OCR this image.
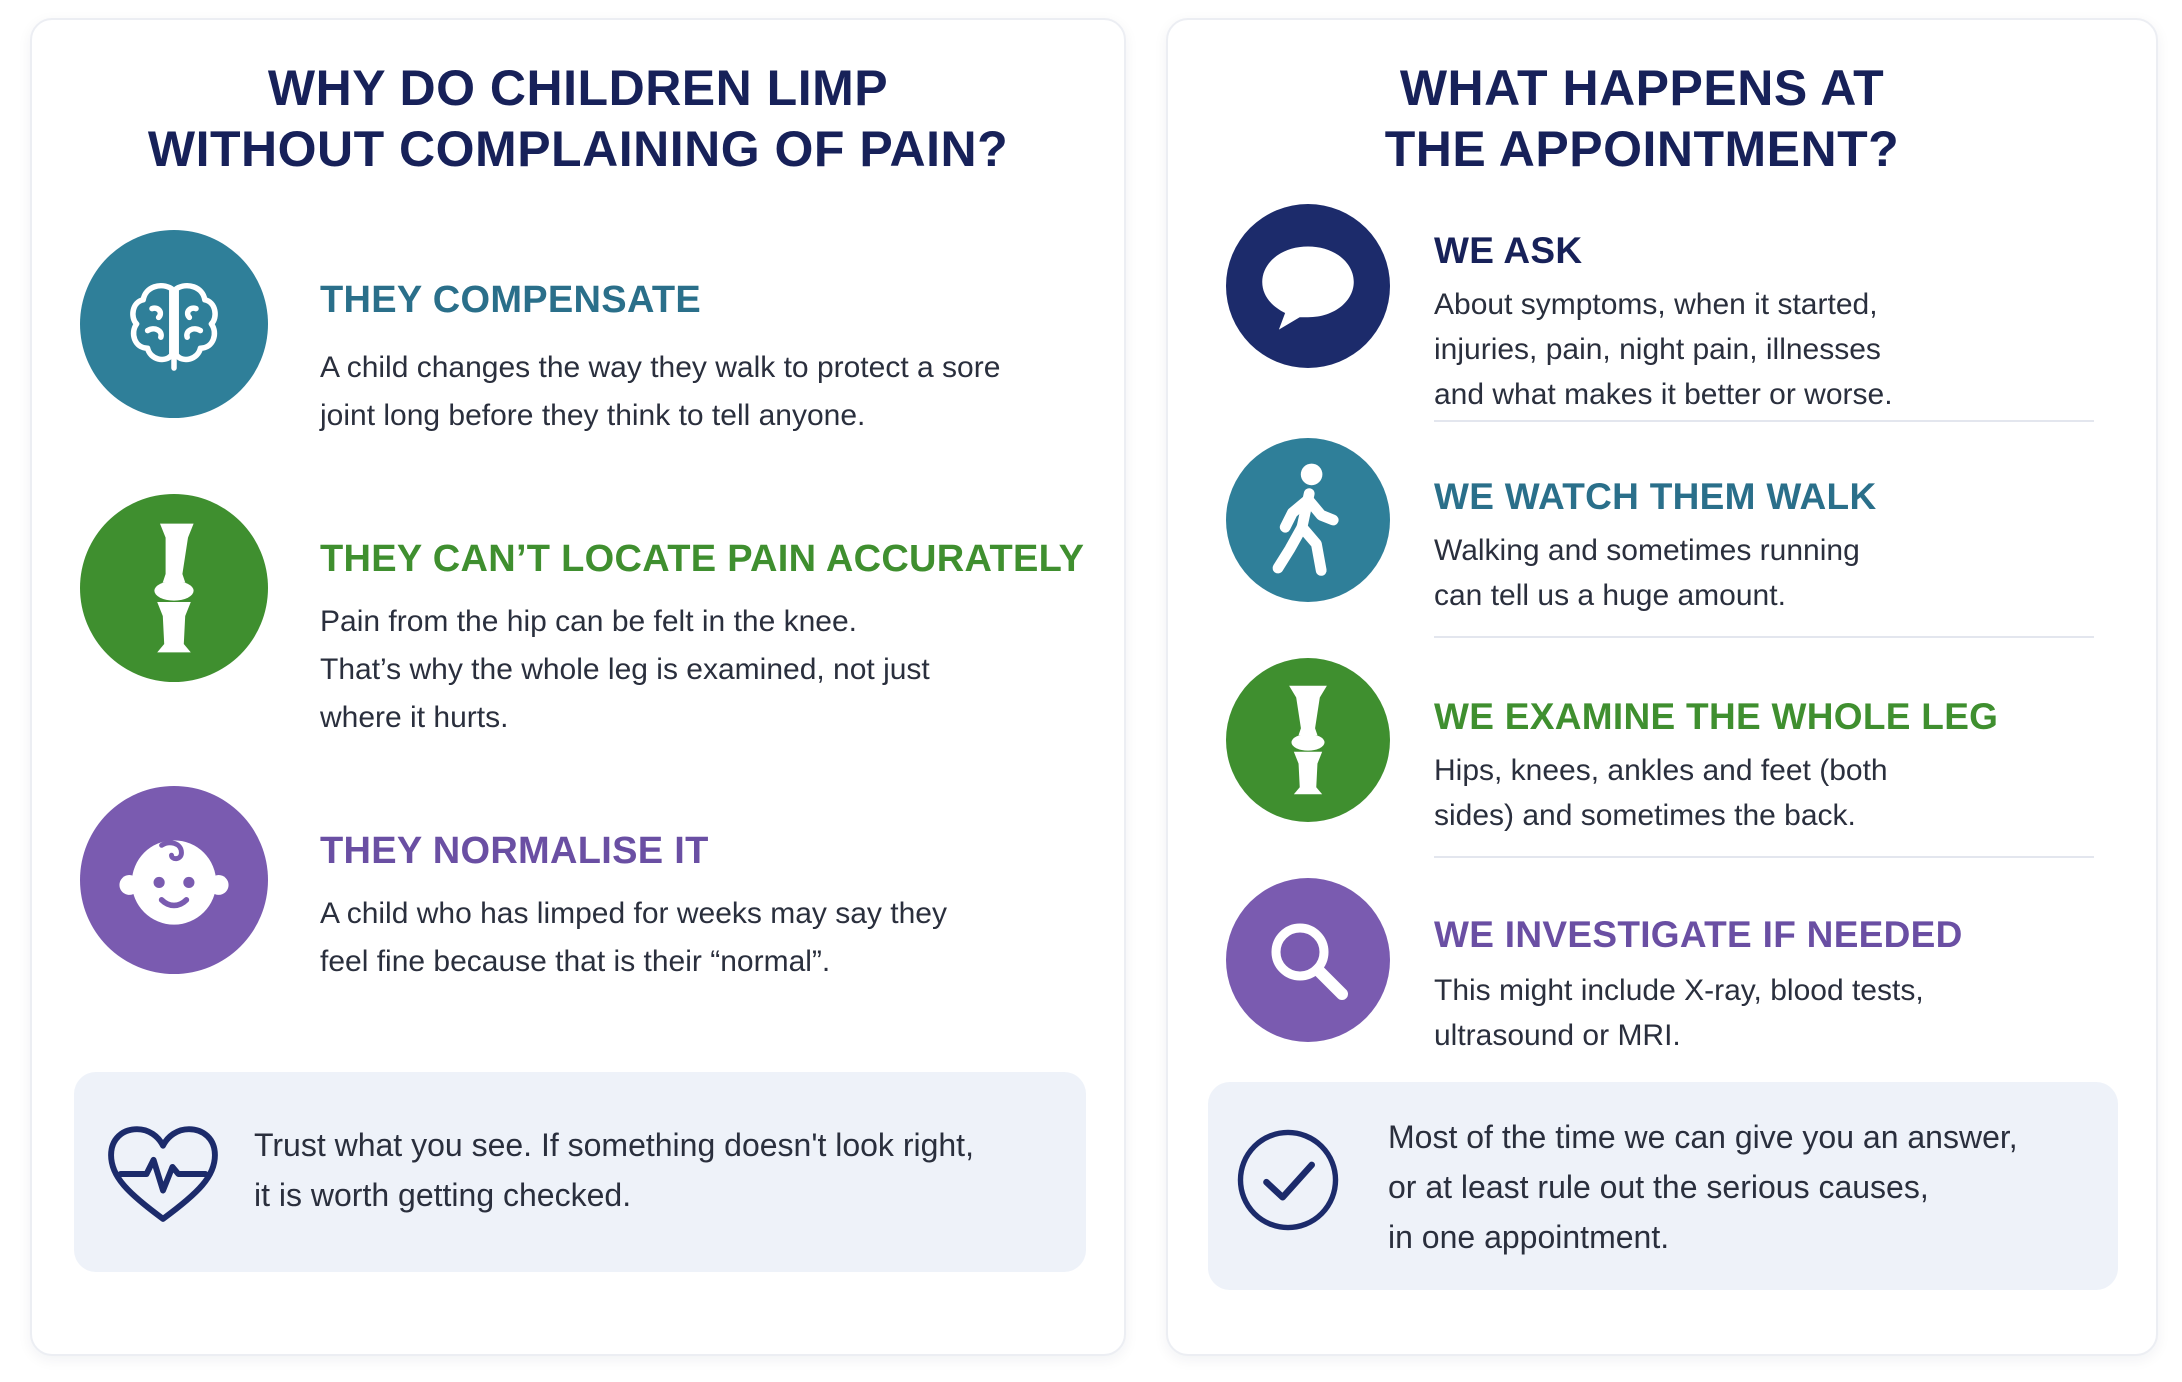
WHY DO CHILDREN LIMP
WITHOUT COMPLAINING OF PAIN?
THEY COMPENSATE

A child changes the way they walk to protect a sore
joint long before they think to tell anyone.

THEY CAN’T LOCATE PAIN ACCURATELY

Pain from the hip can be felt in the knee.
That’s why the whole leg is examined, not just
where it hurts.

THEY NORMALISE IT

A child who has limped for weeks may say they
feel fine because that is their “normal”.

Trust what you see. If something doesn't look right,
it is worth getting checked.

WHAT HAPPENS AT
THE APPOINTMENT?
WE ASK

About symptoms, when it started,
injuries, pain, night pain, illnesses
and what makes it better or worse.

WE WATCH THEM WALK

Walking and sometimes running
can tell us a huge amount.

WE EXAMINE THE WHOLE LEG

Hips, knees, ankles and feet (both
sides) and sometimes the back.

WE INVESTIGATE IF NEEDED

This might include X-ray, blood tests,
ultrasound or MRI.

Most of the time we can give you an answer,
or at least rule out the serious causes,
in one appointment.
